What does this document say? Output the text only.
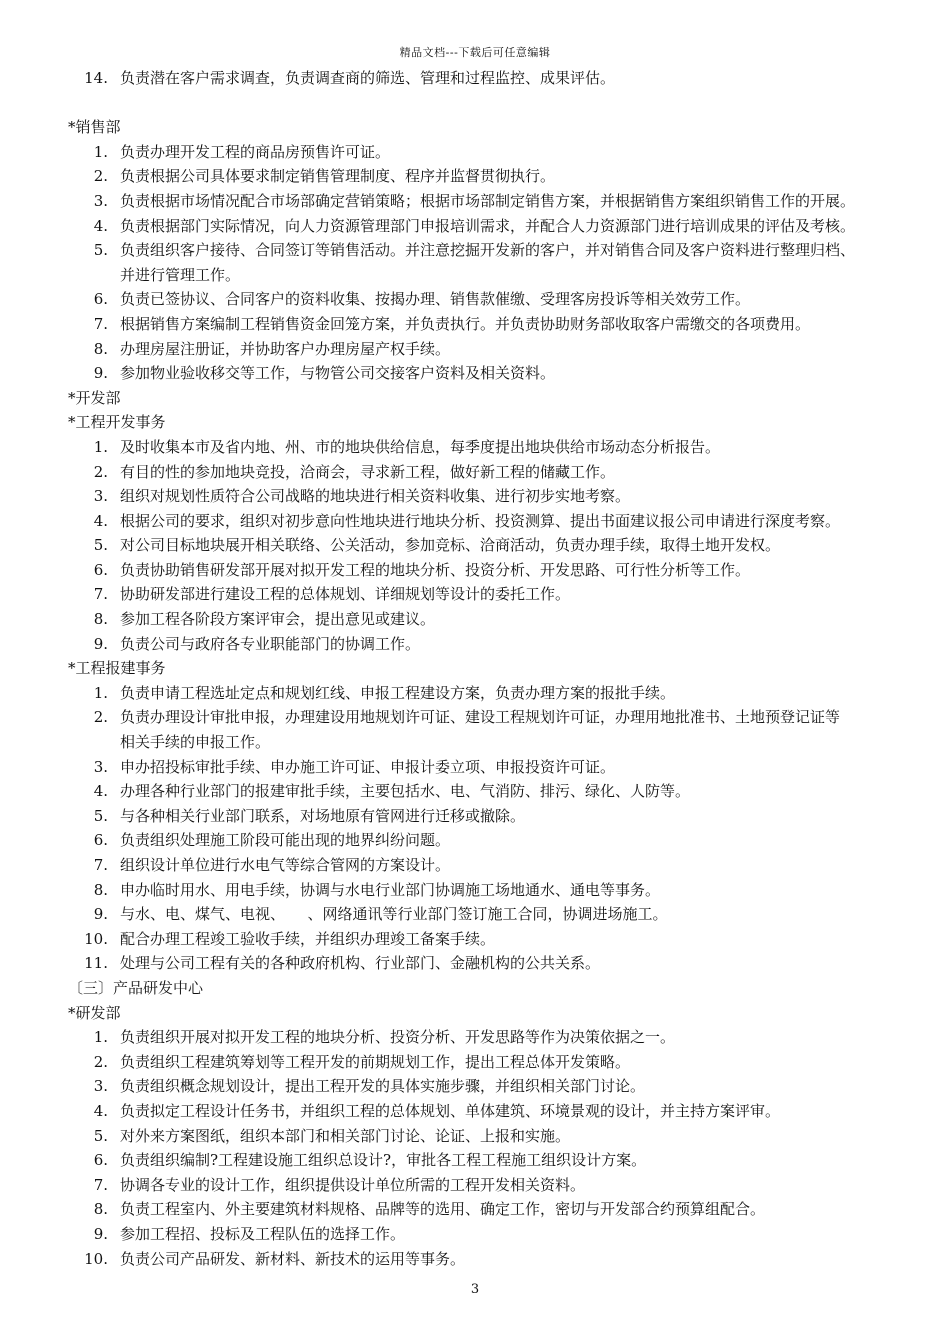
精品文档---下载后可任意编辑
14. 负责潜在客户需求调查，负责调查商的筛选、管理和过程监控、成果评估。
*销售部
1. 负责办理开发工程的商品房预售许可证。
2. 负责根据公司具体要求制定销售管理制度、程序并监督贯彻执行。
3. 负责根据市场情况配合市场部确定营销策略；根据市场部制定销售方案，并根据销售方案组织销售工作的开展。
4. 负责根据部门实际情况，向人力资源管理部门申报培训需求，并配合人力资源部门进行培训成果的评估及考核。
5. 负责组织客户接待、合同签订等销售活动。并注意挖掘开发新的客户，并对销售合同及客户资料进行整理归档、
并进行管理工作。
6. 负责已签协议、合同客户的资料收集、按揭办理、销售款催缴、受理客房投诉等相关效劳工作。
7. 根据销售方案编制工程销售资金回笼方案，并负责执行。并负责协助财务部收取客户需缴交的各项费用。
8. 办理房屋注册证，并协助客户办理房屋产权手续。
9. 参加物业验收移交等工作，与物管公司交接客户资料及相关资料。
*开发部
*工程开发事务
1. 及时收集本市及省内地、州、市的地块供给信息，每季度提出地块供给市场动态分析报告。
2. 有目的性的参加地块竞投，洽商会，寻求新工程，做好新工程的储藏工作。
3. 组织对规划性质符合公司战略的地块进行相关资料收集、进行初步实地考察。
4. 根据公司的要求，组织对初步意向性地块进行地块分析、投资测算、提出书面建议报公司申请进行深度考察。
5. 对公司目标地块展开相关联络、公关活动，参加竞标、洽商活动，负责办理手续，取得土地开发权。
6. 负责协助销售研发部开展对拟开发工程的地块分析、投资分析、开发思路、可行性分析等工作。
7. 协助研发部进行建设工程的总体规划、详细规划等设计的委托工作。
8. 参加工程各阶段方案评审会，提出意见或建议。
9. 负责公司与政府各专业职能部门的协调工作。
*工程报建事务
1. 负责申请工程选址定点和规划红线、申报工程建设方案，负责办理方案的报批手续。
2. 负责办理设计审批申报，办理建设用地规划许可证、建设工程规划许可证，办理用地批准书、土地预登记证等
相关手续的申报工作。
3. 申办招投标审批手续、申办施工许可证、申报计委立项、申报投资许可证。
4. 办理各种行业部门的报建审批手续，主要包括水、电、气消防、排污、绿化、人防等。
5. 与各种相关行业部门联系，对场地原有管网进行迁移或撤除。
6. 负责组织处理施工阶段可能出现的地界纠纷问题。
7. 组织设计单位进行水电气等综合管网的方案设计。
8. 申办临时用水、用电手续，协调与水电行业部门协调施工场地通水、通电等事务。
9. 与水、电、煤气、电视、　　、网络通讯等行业部门签订施工合同，协调进场施工。
10. 配合办理工程竣工验收手续，并组织办理竣工备案手续。
11. 处理与公司工程有关的各种政府机构、行业部门、金融机构的公共关系。
〔三〕产品研发中心
*研发部
1. 负责组织开展对拟开发工程的地块分析、投资分析、开发思路等作为决策依据之一。
2. 负责组织工程建筑筹划等工程开发的前期规划工作，提出工程总体开发策略。
3. 负责组织概念规划设计，提出工程开发的具体实施步骤，并组织相关部门讨论。
4. 负责拟定工程设计任务书，并组织工程的总体规划、单体建筑、环境景观的设计，并主持方案评审。
5. 对外来方案图纸，组织本部门和相关部门讨论、论证、上报和实施。
6. 负责组织编制?工程建设施工组织总设计?，审批各工程工程施工组织设计方案。
7. 协调各专业的设计工作，组织提供设计单位所需的工程开发相关资料。
8. 负责工程室内、外主要建筑材料规格、品牌等的选用、确定工作，密切与开发部合约预算组配合。
9. 参加工程招、投标及工程队伍的选择工作。
10. 负责公司产品研发、新材料、新技术的运用等事务。
3
